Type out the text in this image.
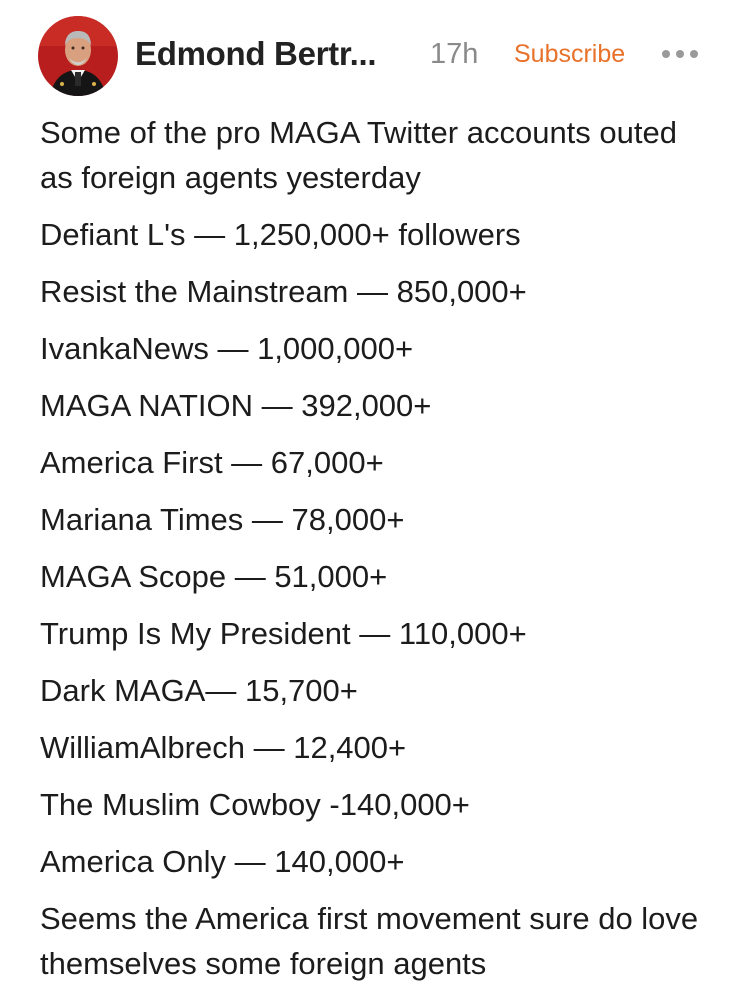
Edmond Bertr... 17h Subscribe

Some of the pro MAGA Twitter accounts outed as foreign agents yesterday

Defiant L's — 1,250,000+ followers

Resist the Mainstream — 850,000+

IvankaNews — 1,000,000+

MAGA NATION — 392,000+

America First — 67,000+

Mariana Times — 78,000+

MAGA Scope — 51,000+

Trump Is My President — 110,000+

Dark MAGA— 15,700+

WilliamAlbrech — 12,400+

The Muslim Cowboy -140,000+

America Only — 140,000+

Seems the America first movement sure do love themselves some foreign agents
